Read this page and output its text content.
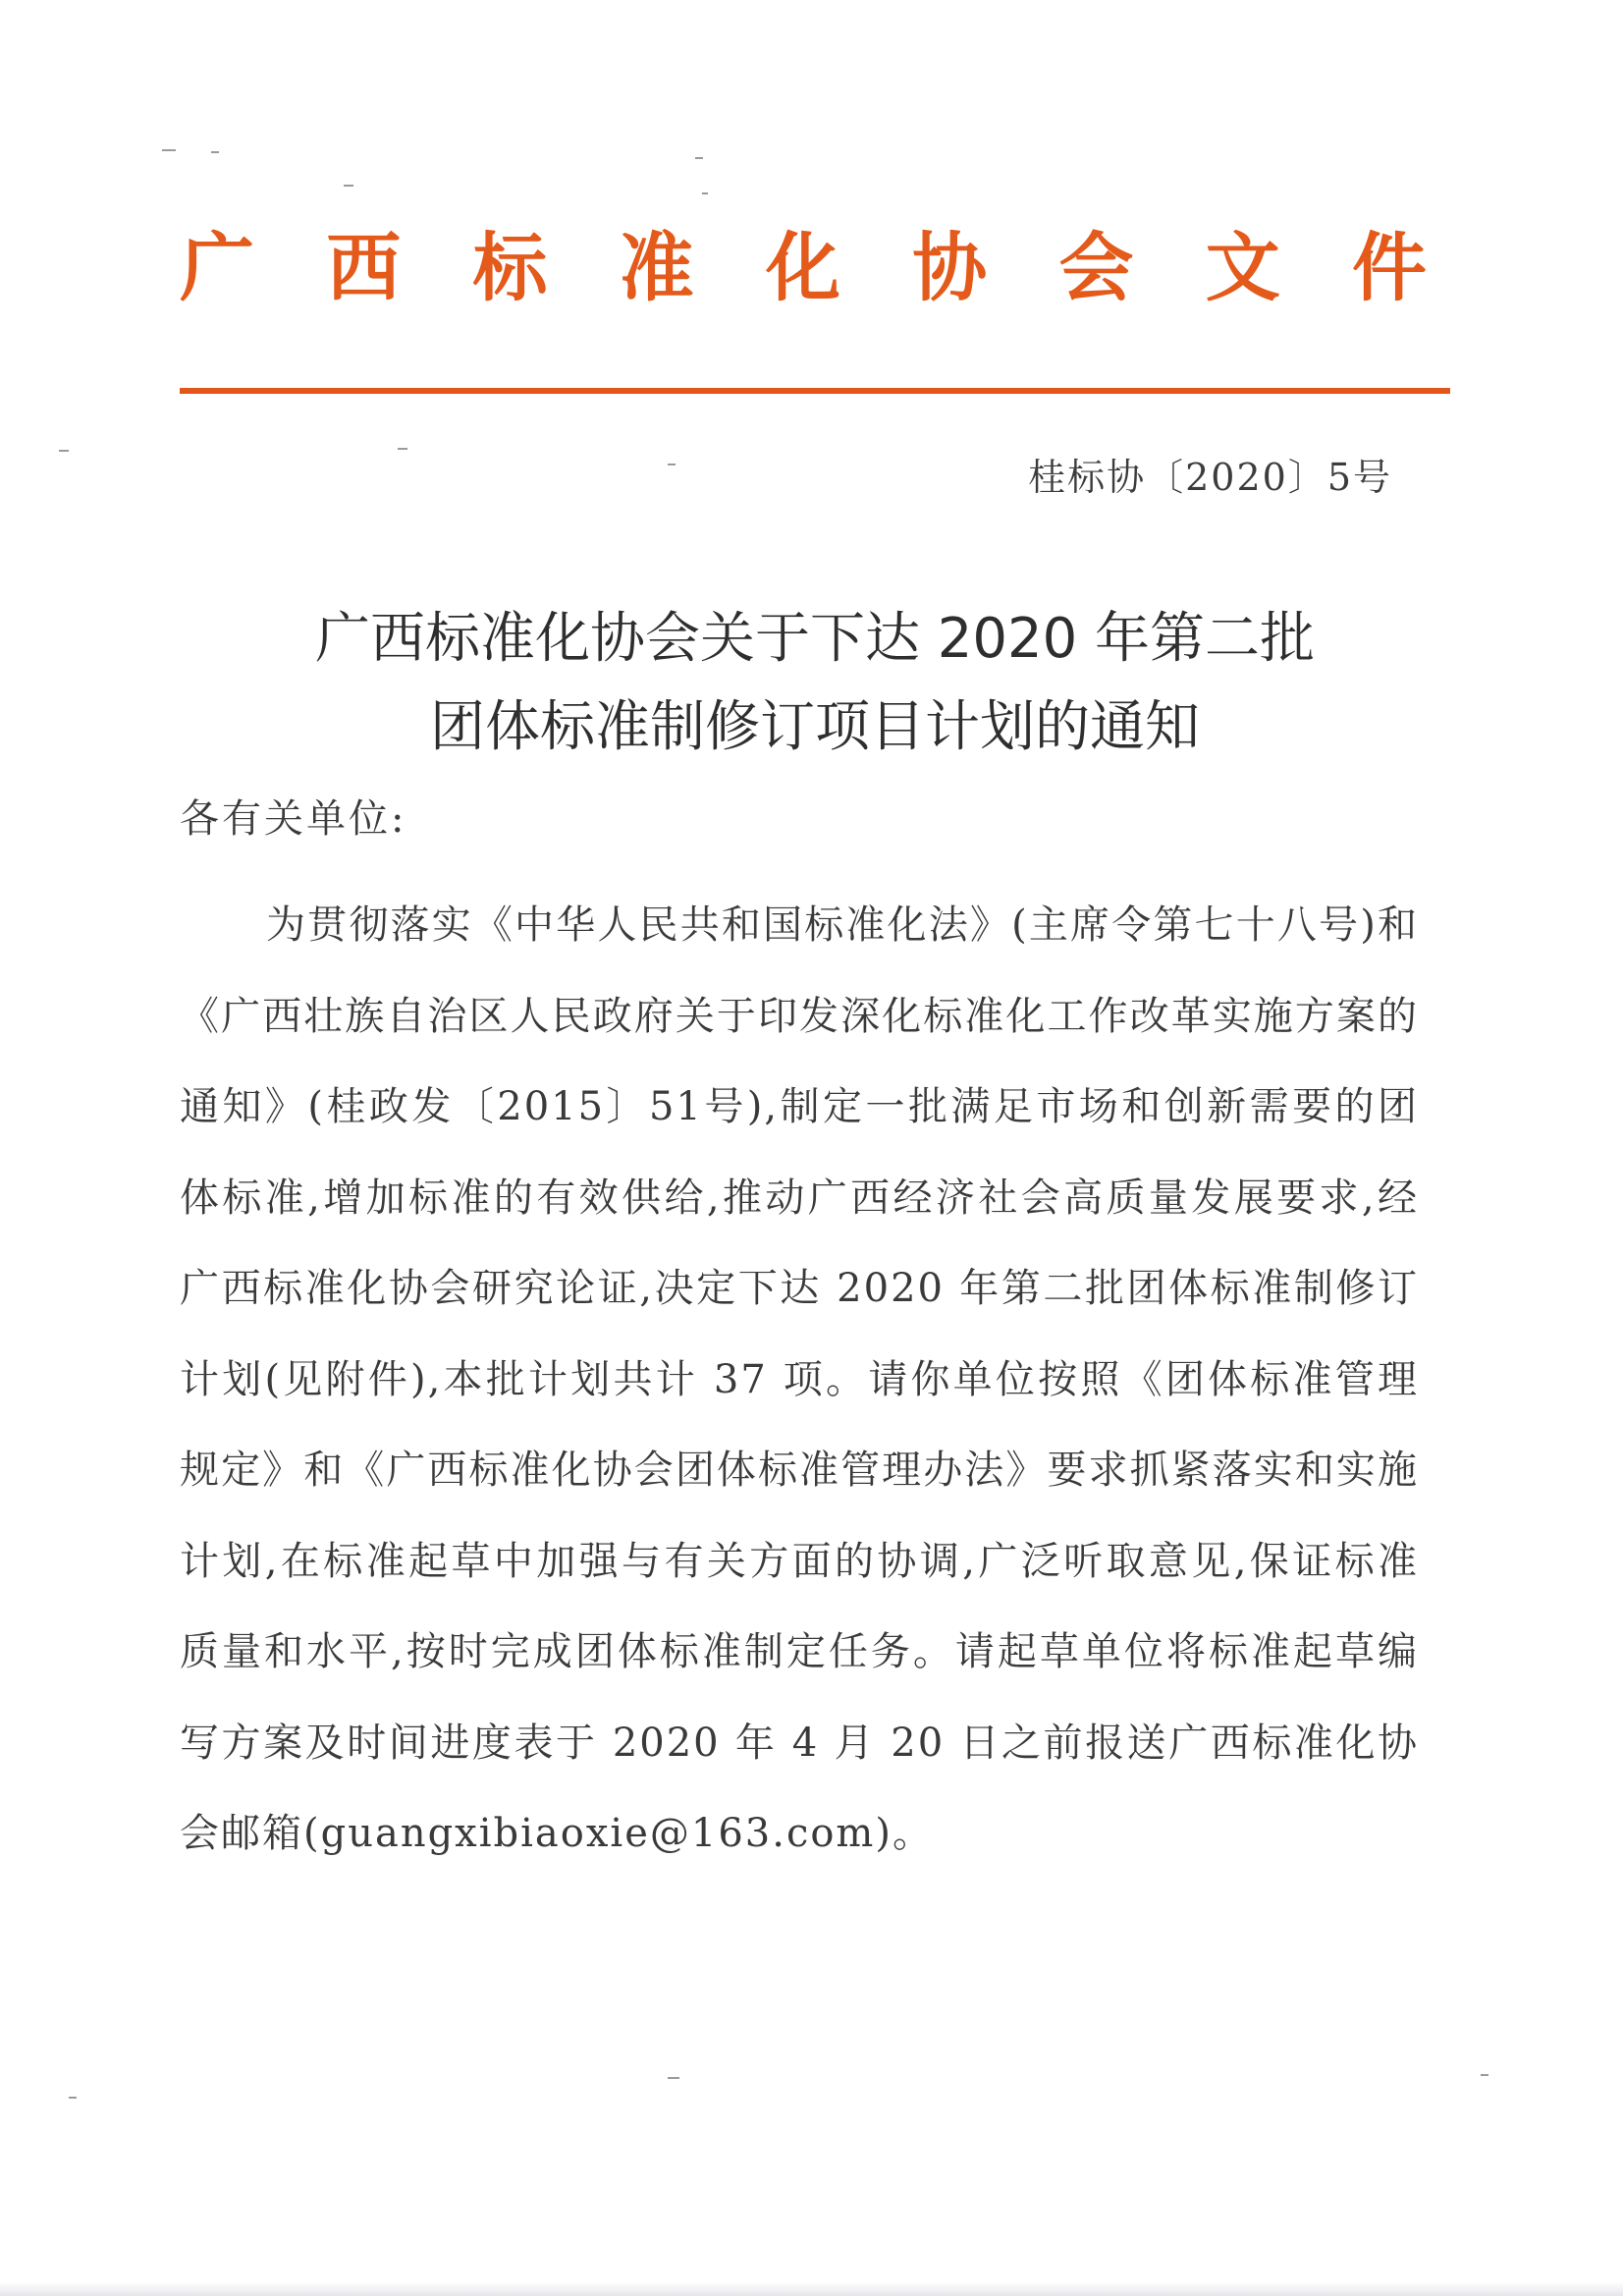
广 西 标 准 化 协 会 文 件
桂标协〔2020〕5号
广西标准化协会关于下达 2020 年第二批
团体标准制修订项目计划的通知
各有关单位:
为贯彻落实《中华人民共和国标准化法》(主席令第七十八号)和《广西壮族自治区人民政府关于印发深化标准化工作改革实施方案的通知》(桂政发〔2015〕51号),制定一批满足市场和创新需要的团体标准,增加标准的有效供给,推动广西经济社会高质量发展要求,经广西标准化协会研究论证,决定下达 2020 年第二批团体标准制修订计划(见附件),本批计划共计 37 项。请你单位按照《团体标准管理规定》和《广西标准化协会团体标准管理办法》要求抓紧落实和实施计划,在标准起草中加强与有关方面的协调,广泛听取意见,保证标准质量和水平,按时完成团体标准制定任务。请起草单位将标准起草编写方案及时间进度表于 2020 年 4 月 20 日之前报送广西标准化协会邮箱(guangxibiaoxie@163.com)。
